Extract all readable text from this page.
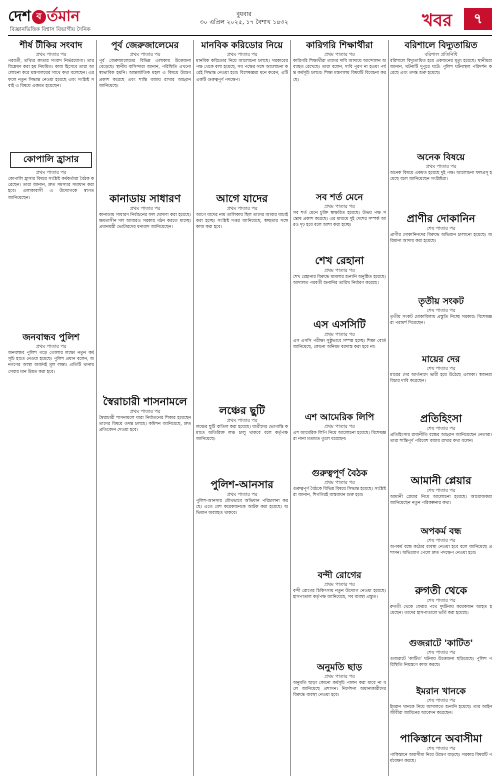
দেশ ব র্তমান
বিজ্ঞানভিত্তিক বিশ্বাস বিভাগীয় দৈনিক
বুধবার
৩০ এপ্রিল ২০২৫, ১৭ বৈশাখ ১৪৩২	খবর	৭
শীর্ষ টীকির সংবাদ
প্রথম পাতার পর
পরবর্তী, তথ্যির কাতার সংবাদ নির্ভরযোগ্য। তার বিশ্লেষণ করা হয় নিয়মিত। কাজ হিসেবে তারা আলোচনা করে মন্ত্রণালয়ের সাথে কথা বলেছেন। এর ফলে নতুন সিদ্ধান্ত নেওয়া হয়েছে এবং সংশ্লিষ্ট সবাই এ বিষয়ে একমত হয়েছেন।
পূর্ব জেরুজালেমের
প্রথম পাতার পর
পূর্ব জেরুজালেমের বিভিন্ন এলাকায় উত্তেজনা বেড়েছে। স্থানীয় বাসিন্দারা জানান, পরিস্থিতি এখনো স্বাভাবিক হয়নি। আন্তর্জাতিক মহল এ বিষয়ে উদ্বেগ প্রকাশ করেছে এবং শান্তি বজায় রাখার আহ্বান জানিয়েছে।
মানবিক করিডোর নিয়ে
প্রথম পাতার পর
মানবিক করিডোর নিয়ে আলোচনা চলছে। সরকারের পক্ষ থেকে বলা হয়েছে, সব পক্ষের সঙ্গে আলোচনা করেই সিদ্ধান্ত নেওয়া হবে। বিশেষজ্ঞরা মনে করেন, এটি একটি গুরুত্বপূর্ণ পদক্ষেপ।
কারিগরি শিক্ষার্থীরা
প্রথম পাতার পর
কারিগরি শিক্ষার্থীরা তাদের দাবি আদায়ে আন্দোলন অব্যাহত রেখেছে। তারা বলেন, দাবি পূরণ না হওয়া পর্যন্ত কর্মসূচি চলবে। শিক্ষা মন্ত্রণালয় বিষয়টি বিবেচনা করছে।
বরিশালে বিদ্যুতায়িত
বরিশাল প্রতিনিধি
বরিশালে বিদ্যুতায়িত হয়ে একজনের মৃত্যু হয়েছে। স্থানীয়রা জানান, ঘটনাটি দুপুরে ঘটে। পুলিশ ঘটনাস্থল পরিদর্শন করেছে এবং তদন্ত শুরু হয়েছে।
সব শর্ত মেনে
প্রথম পাতার পর
সব শর্ত মেনে চুক্তি স্বাক্ষরিত হয়েছে। উভয় পক্ষ সন্তোষ প্রকাশ করেছে। এর মাধ্যমে দুই দেশের সম্পর্ক আরও দৃঢ় হবে বলে আশা করা হচ্ছে।
কোপালি হ্রাসার
প্রথম পাতার পর
কোপালি হ্রাসার বিষয়ে সংশ্লিষ্ট কর্মকর্তারা বৈঠক করেছেন। তারা জানান, দ্রুত সমস্যার সমাধান করা হবে। এলাকাবাসী এ উদ্যোগকে স্বাগত জানিয়েছেন।
জনবান্ধব পুলিশ
প্রথম পাতার পর
জনবান্ধব পুলিশ গড়ে তোলার লক্ষ্যে নতুন কর্মসূচি হাতে নেওয়া হয়েছে। পুলিশ প্রধান বলেন, জনগণের আস্থা অর্জনই মূল লক্ষ্য। প্রতিটি থানায় সেবার মান উন্নত করা হবে।
কানাডায় সাধারণ
প্রথম পাতার পর
কানাডায় সাধারণ নির্বাচনের ফল ঘোষণা করা হয়েছে। ক্ষমতাসীন দল আবারও সরকার গঠন করতে যাচ্ছে। প্রধানমন্ত্রী ভোটারদের ধন্যবাদ জানিয়েছেন।
স্বৈরাচারী শাসনামলে
প্রথম পাতার পর
স্বৈরাচারী শাসনামলে যারা নির্যাতনের শিকার হয়েছেন তাদের বিষয়ে তদন্ত চলছে। কমিশন জানিয়েছে, দ্রুত প্রতিবেদন দেওয়া হবে।
আগে যাদের
প্রথম পাতার পর
আগে যাদের নাম তালিকায় ছিল তাদের আবার যাচাই করা হচ্ছে। সংশ্লিষ্ট দপ্তর জানিয়েছে, স্বচ্ছতার সঙ্গে কাজ করা হবে।
লঞ্চের ছুটি
প্রথম পাতার পর
লঞ্চের ছুটি বাতিল করা হয়েছে। যাত্রীদের ভোগান্তি কমাতে অতিরিক্ত লঞ্চ চালু থাকবে বলে কর্তৃপক্ষ জানিয়েছে।
পুলিশ-আনসার
প্রথম পাতার পর
পুলিশ-আনসার যৌথভাবে অভিযান পরিচালনা করছে। এতে বেশ কয়েকজনকে আটক করা হয়েছে। অভিযান অব্যাহত থাকবে।
শেখ রেহানা
প্রথম পাতার পর
শেখ রেহানার বিরুদ্ধে মামলার শুনানি অনুষ্ঠিত হয়েছে। আদালত পরবর্তী শুনানির তারিখ নির্ধারণ করেছে।
এস এসসিটি
প্রথম পাতার পর
এস এসসি পরীক্ষা সুষ্ঠুভাবে সম্পন্ন হচ্ছে। শিক্ষা বোর্ড জানিয়েছে, কোনো অনিয়ম বরদাস্ত করা হবে না।
এশ আমেরিক লিপি
প্রথম পাতার পর
এশ আমেরিক লিপি নিয়ে আলোচনা হয়েছে। বিশেষজ্ঞরা নানা মতামত তুলে ধরেছেন।
গুরুত্বপূর্ণ বৈঠক
প্রথম পাতার পর
গুরুত্বপূর্ণ বৈঠকে বিভিন্ন বিষয়ে সিদ্ধান্ত হয়েছে। সংশ্লিষ্টরা জানান, শিগগিরই বাস্তবায়ন শুরু হবে।
বন্দী রোগের
প্রথম পাতার পর
বন্দী রোগের চিকিৎসায় নতুন উদ্যোগ নেওয়া হয়েছে। হাসপাতাল কর্তৃপক্ষ জানিয়েছে, সব ব্যবস্থা প্রস্তুত।
অনুমতি ছাড়
প্রথম পাতার পর
অনুমতি ছাড়া কোনো কর্মসূচি পালন করা যাবে না বলে জানিয়েছে প্রশাসন। নির্দেশনা অমান্যকারীদের বিরুদ্ধে ব্যবস্থা নেওয়া হবে।
অনেক বিষয়ে
প্রথম পাতার পর
অনেক বিষয়ে একমত হয়েছে দুই পক্ষ। আলোচনা ফলপ্রসূ হয়েছে বলে জানিয়েছেন সংশ্লিষ্টরা।
প্রাণীর দোকানিন
শেষ পাতার পর
প্রাণীর দোকানিনদের বিরুদ্ধে অভিযান চালানো হয়েছে। জরিমানা আদায় করা হয়েছে।
তৃতীয় সংকট
শেষ পাতার পর
তৃতীয় সংকট মোকাবিলায় প্রস্তুতি নিচ্ছে সরকার। বিশেষজ্ঞরা পরামর্শ দিয়েছেন।
মায়ের দের
শেষ পাতার পর
মায়ের দের আর্তনাদে ভারী হয়ে উঠেছে এলাকা। স্বজনরা বিচার দাবি করেছেন।
প্রতিহিংসা
শেষ পাতার পর
প্রতিহিংসার রাজনীতি বন্ধের আহ্বান জানিয়েছেন নেতারা। তারা শান্তিপূর্ণ পরিবেশ বজায় রাখার কথা বলেন।
আমানী প্লেয়ার
শেষ পাতার পর
আমানী প্লেয়ার নিয়ে আলোচনা হয়েছে। আয়োজকরা জানিয়েছেন নতুন পরিকল্পনার কথা।
অপকর্ম বন্ধ
শেষ পাতার পর
অপকর্ম বন্ধে কঠোর ব্যবস্থা নেওয়া হবে বলে জানিয়েছে প্রশাসন। অভিযোগ পেলে দ্রুত পদক্ষেপ নেওয়া হবে।
রুগতী থেকে
শেষ পাতার পর
রুগতী থেকে ফেরার পথে দুর্ঘটনায় কয়েকজন আহত হয়েছেন। তাদের হাসপাতালে ভর্তি করা হয়েছে।
গুজরাটে 'কাটিত'
শেষ পাতার পর
গুজরাটে 'কাটিত' ঘটনায় উত্তেজনা ছড়িয়েছে। পুলিশ পরিস্থিতি নিয়ন্ত্রণে কাজ করছে।
ইমরান খানকে
শেষ পাতার পর
ইমরান খানকে নিয়ে আদালতে শুনানি হয়েছে। তার আইনজীবীরা জামিনের আবেদন করেছেন।
পাকিস্তানে অবাসীমা
শেষ পাতার পর
পাকিস্তানে অবাসীমা নিয়ে উদ্বেগ বাড়ছে। সরকার বিষয়টি পর্যবেক্ষণ করছে।
